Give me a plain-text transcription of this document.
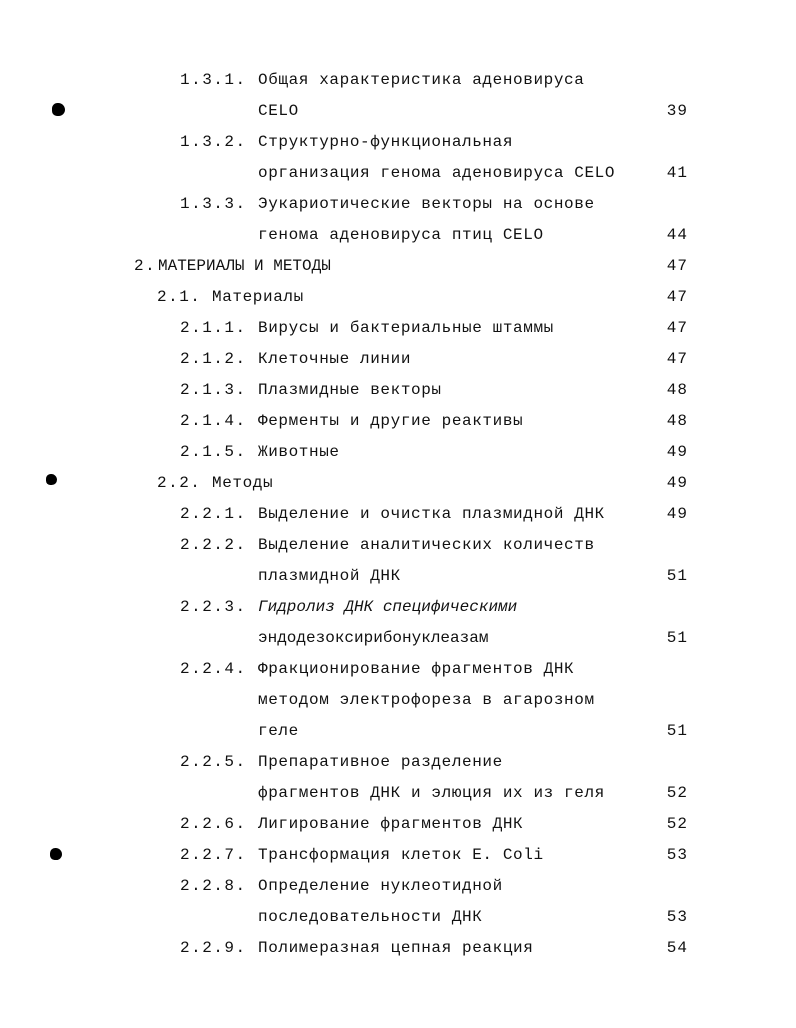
1.3.1. Общая характеристика аденовируса
CELO	39
1.3.2. Структурно-функциональная
организация генома аденовируса CELO	41
1.3.3. Эукариотические векторы на основе
генома аденовируса птиц CELO	44
2. МАТЕРИАЛЫ И МЕТОДЫ	47
2.1. Материалы	47
2.1.1. Вирусы и бактериальные штаммы	47
2.1.2. Клеточные линии	47
2.1.3. Плазмидные векторы	48
2.1.4. Ферменты и другие реактивы	48
2.1.5. Животные	49
2.2. Методы	49
2.2.1. Выделение и очистка плазмидной ДНК	49
2.2.2. Выделение аналитических количеств
плазмидной ДНК	51
2.2.3. Гидролиз ДНК специфическими
эндодезоксирибонуклеазам	51
2.2.4. Фракционирование фрагментов ДНК
методом электрофореза в агарозном
геле	51
2.2.5. Препаративное разделение
фрагментов ДНК и элюция их из геля	52
2.2.6. Лигирование фрагментов ДНК	52
2.2.7. Трансформация клеток E. Coli	53
2.2.8. Определение нуклеотидной
последовательности ДНК	53
2.2.9. Полимеразная цепная реакция	54
